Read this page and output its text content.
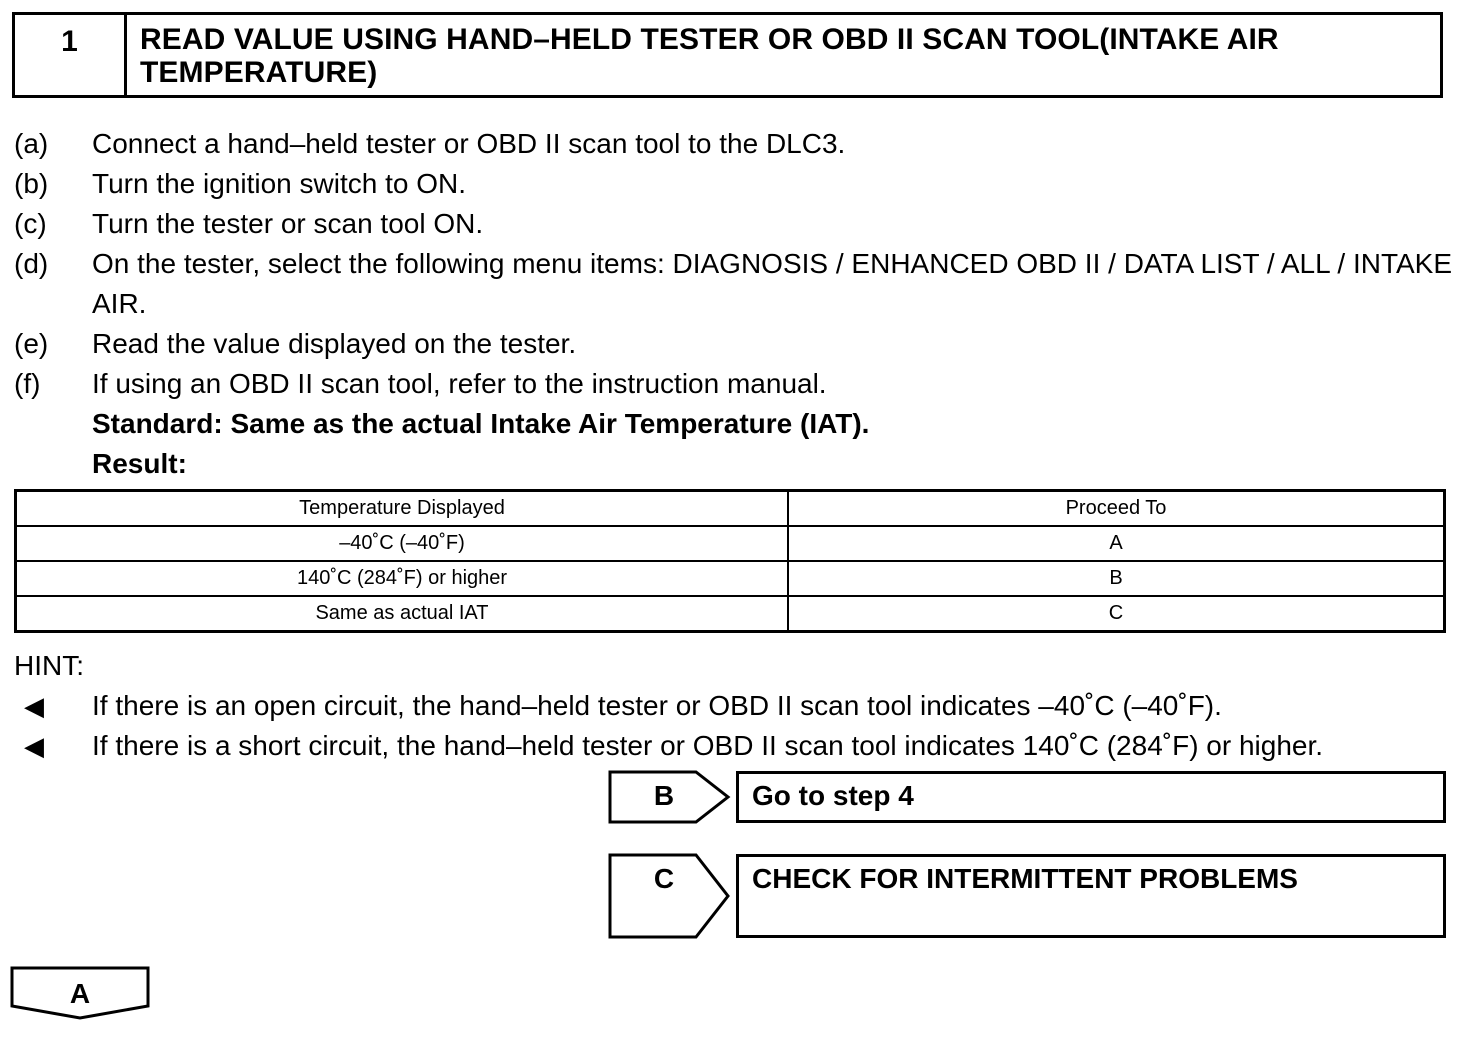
1	READ VALUE USING HAND–HELD TESTER OR OBD II SCAN TOOL(INTAKE AIR
TEMPERATURE)
(a)	Connect a hand–held tester or OBD II scan tool to the DLC3.
(b)	Turn the ignition switch to ON.
(c)	Turn the tester or scan tool ON.
(d)	On the tester, select the following menu items: DIAGNOSIS / ENHANCED OBD II / DATA LIST / ALL / INTAKE AIR.
(e)	Read the value displayed on the tester.
(f)	If using an OBD II scan tool, refer to the instruction manual.
Standard: Same as the actual Intake Air Temperature (IAT).
Result:
Temperature Displayed	Proceed To
–40˚C (–40˚F)	A
140˚C (284˚F) or higher	B
Same as actual IAT	C
HINT:
◀	If there is an open circuit, the hand–held tester or OBD II scan tool indicates –40˚C (–40˚F).
◀	If there is a short circuit, the hand–held tester or OBD II scan tool indicates 140˚C (284˚F) or higher.
B	Go to step 4
C	CHECK FOR INTERMITTENT PROBLEMS
A
